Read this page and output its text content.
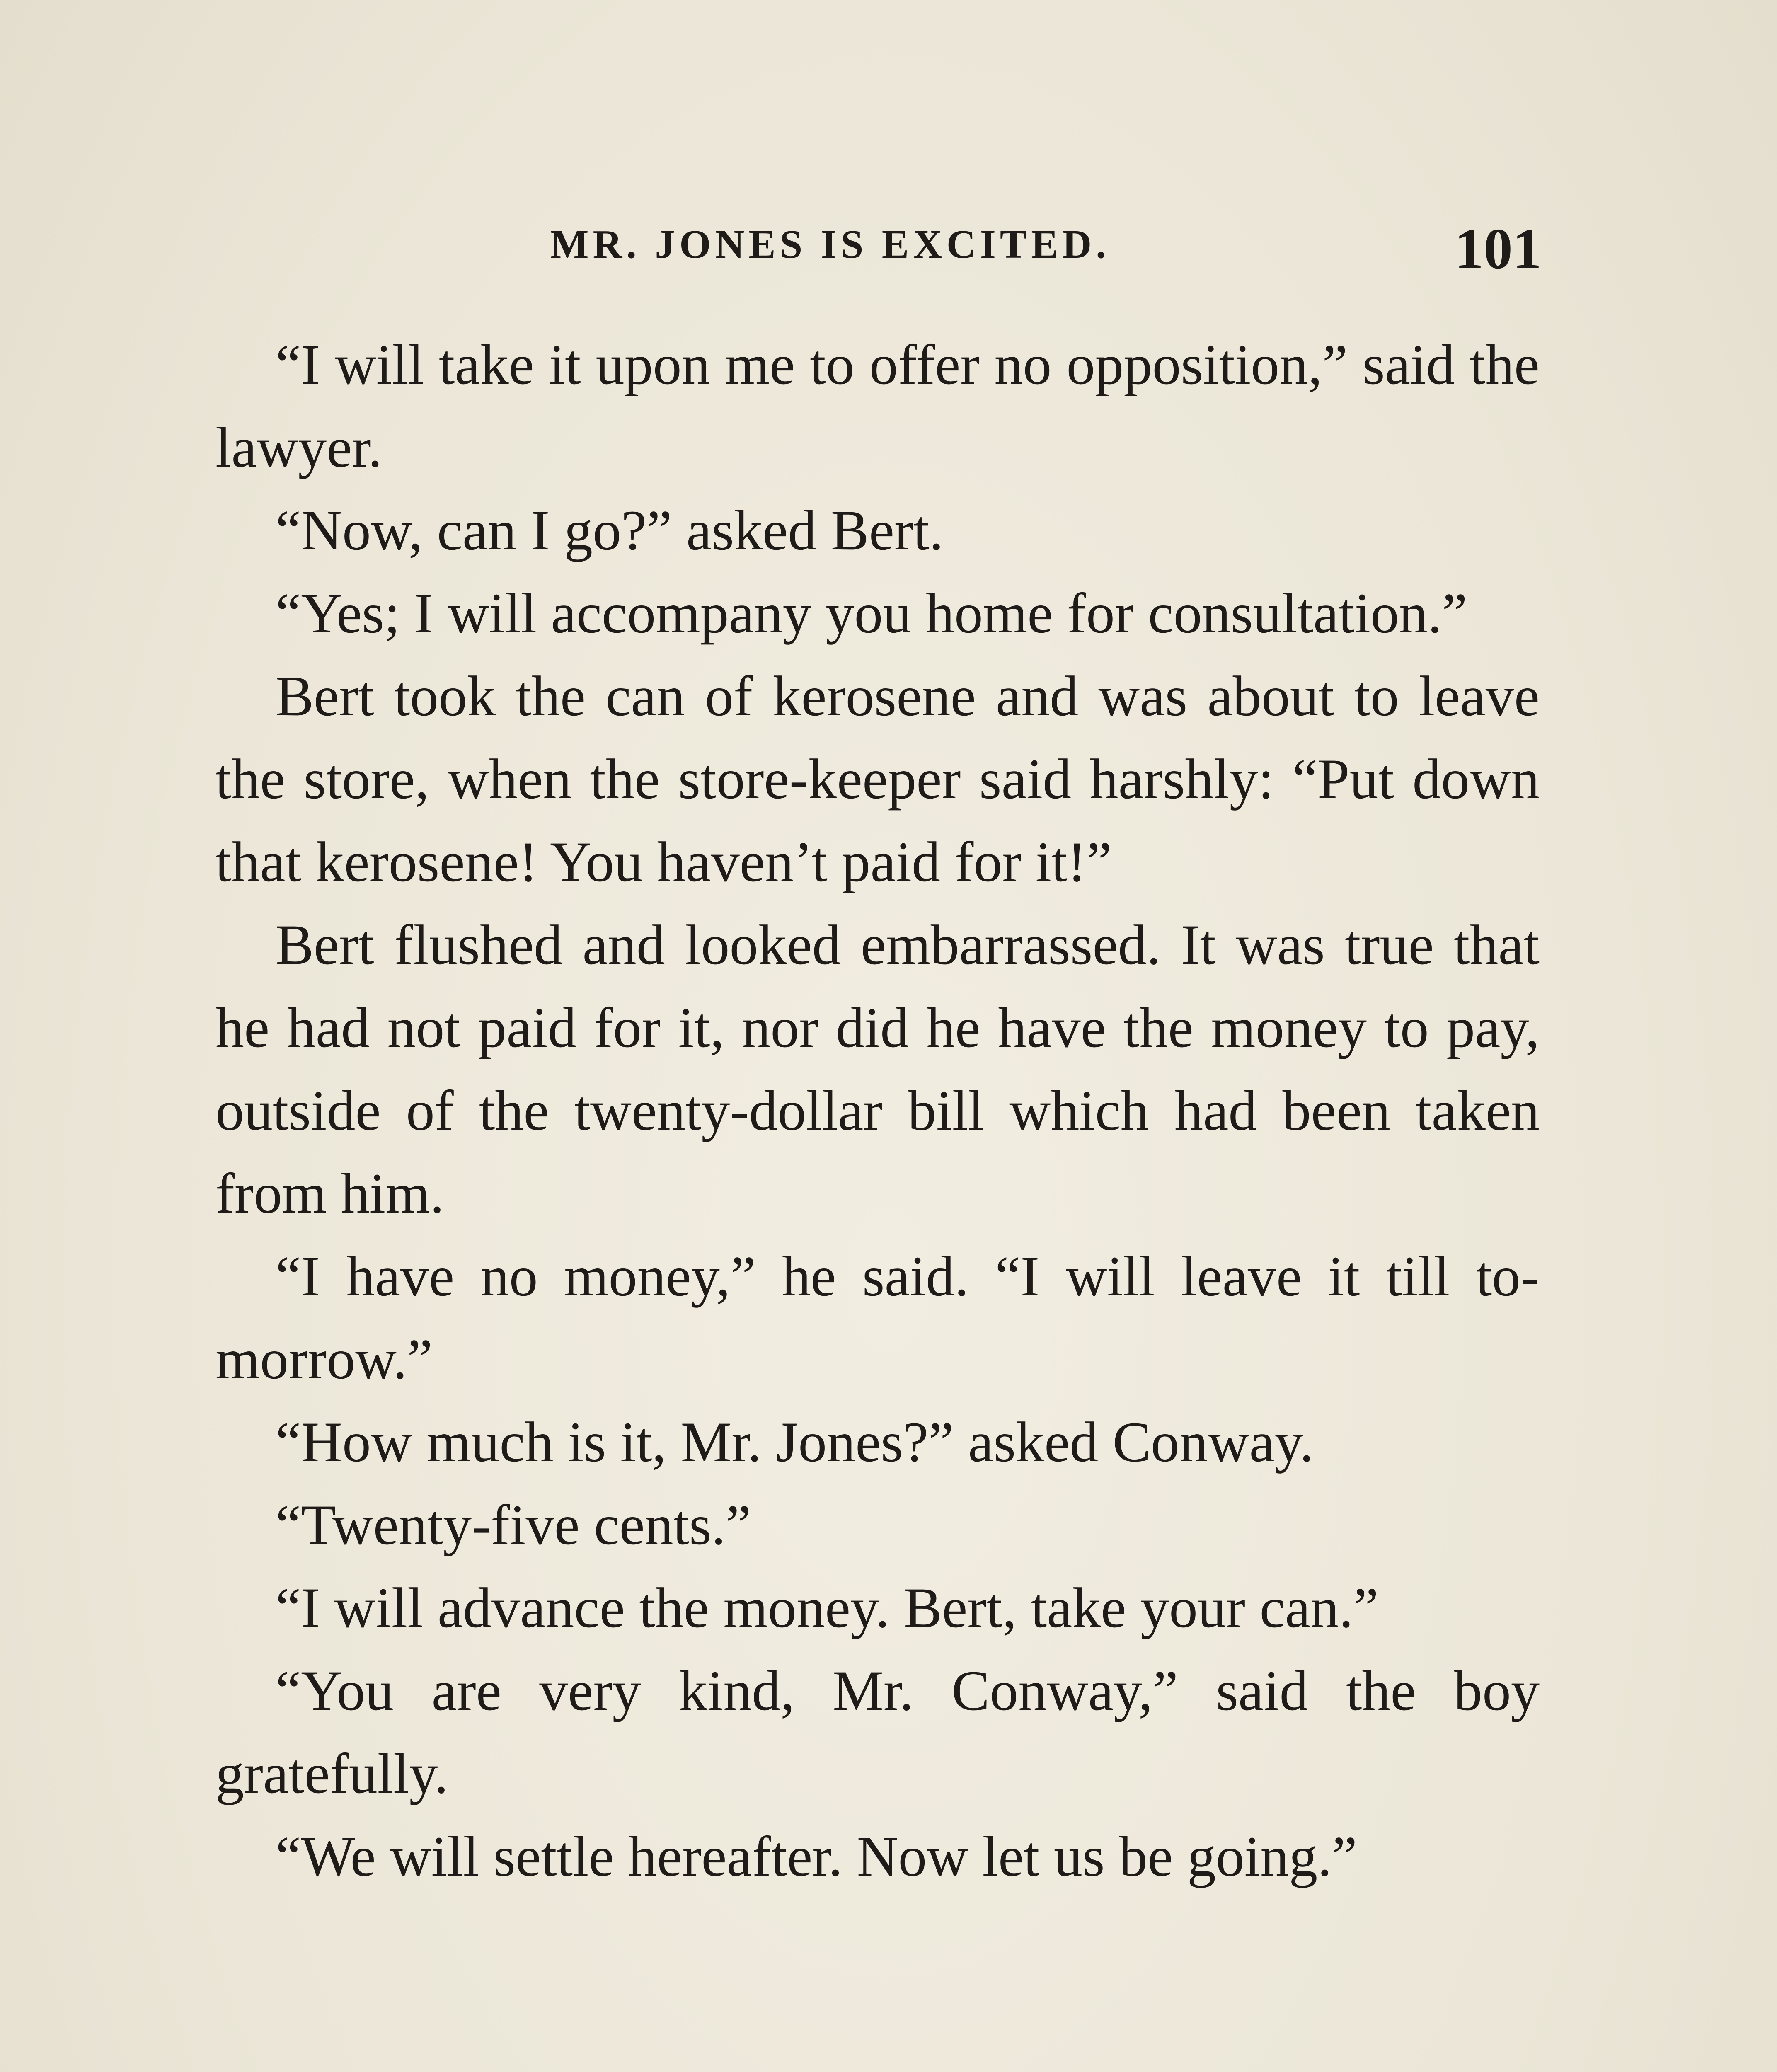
MR. JONES IS EXCITED.	101

“I will take it upon me to offer no opposition,” said the lawyer.

“Now, can I go?” asked Bert.

“Yes; I will accompany you home for consultation.”

Bert took the can of kerosene and was about to leave the store, when the store-keeper said harshly: “Put down that kerosene! You haven’t paid for it!”

Bert flushed and looked embarrassed. It was true that he had not paid for it, nor did he have the money to pay, outside of the twenty-dollar bill which had been taken from him.

“I have no money,” he said. “I will leave it till to-morrow.”

“How much is it, Mr. Jones?” asked Conway.

“Twenty-five cents.”

“I will advance the money. Bert, take your can.”

“You are very kind, Mr. Conway,” said the boy gratefully.

“We will settle hereafter. Now let us be going.”
